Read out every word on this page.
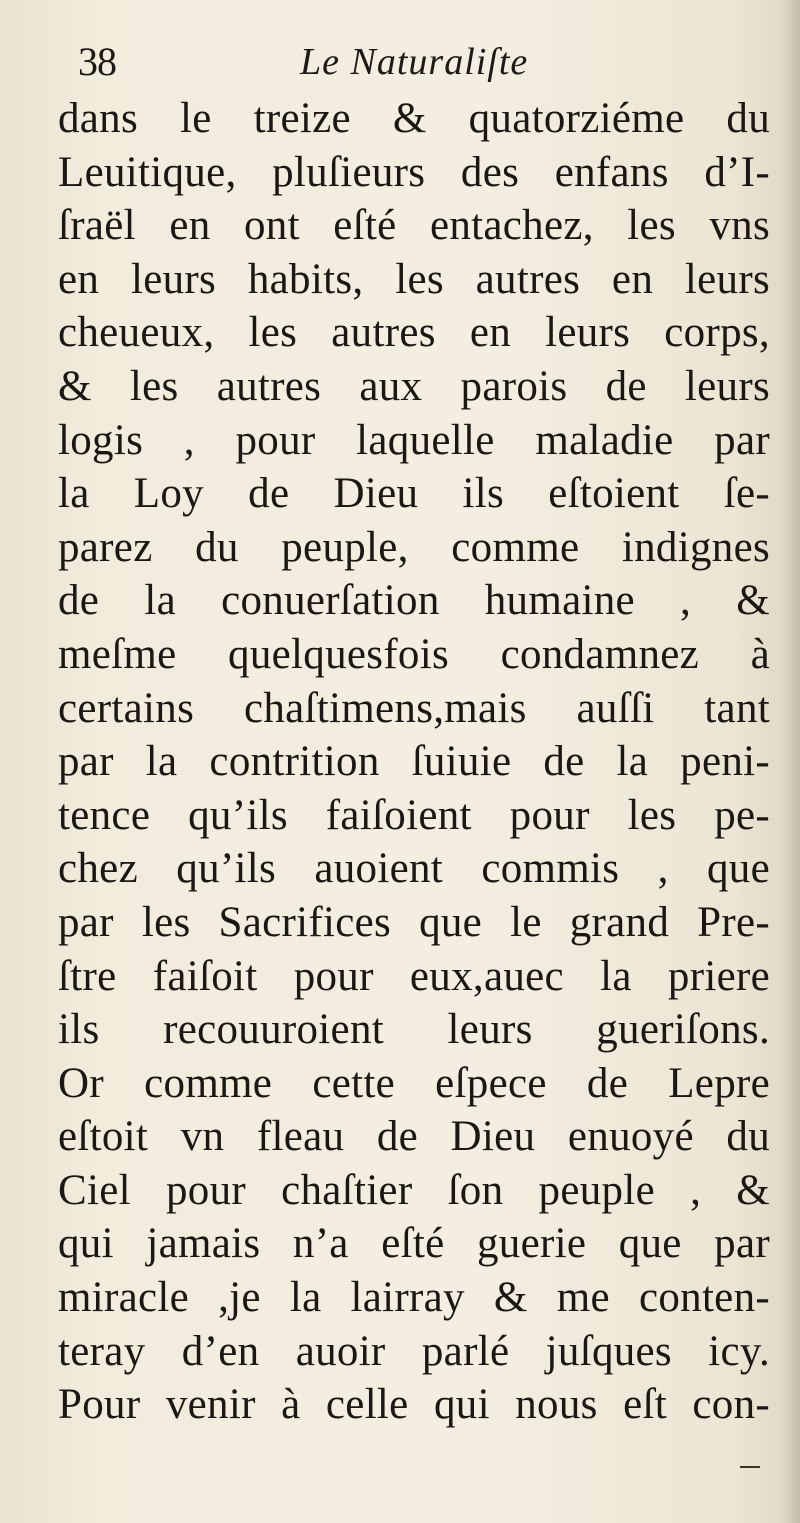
38	Le Naturaliſte
dans le treize & quatorziéme du
Leuitique, pluſieurs des enfans d’I-
ſraël en ont eſté entachez, les vns
en leurs habits, les autres en leurs
cheueux, les autres en leurs corps,
& les autres aux parois de leurs
logis , pour laquelle maladie par
la Loy de Dieu ils eſtoient ſe-
parez du peuple, comme indignes
de la conuerſation humaine , &
meſme quelquesfois condamnez à
certains chaſtimens,mais auſſi tant
par la contrition ſuiuie de la peni-
tence qu’ils faiſoient pour les pe-
chez qu’ils auoient commis , que
par les Sacrifices que le grand Pre-
ſtre faiſoit pour eux,auec la priere
ils recouuroient leurs gueriſons.
Or comme cette eſpece de Lepre
eſtoit vn fleau de Dieu enuoyé du
Ciel pour chaſtier ſon peuple , &
qui jamais n’a eſté guerie que par
miracle ,je la lairray & me conten-
teray d’en auoir parlé juſques icy.
Pour venir à celle qui nous eſt con-
